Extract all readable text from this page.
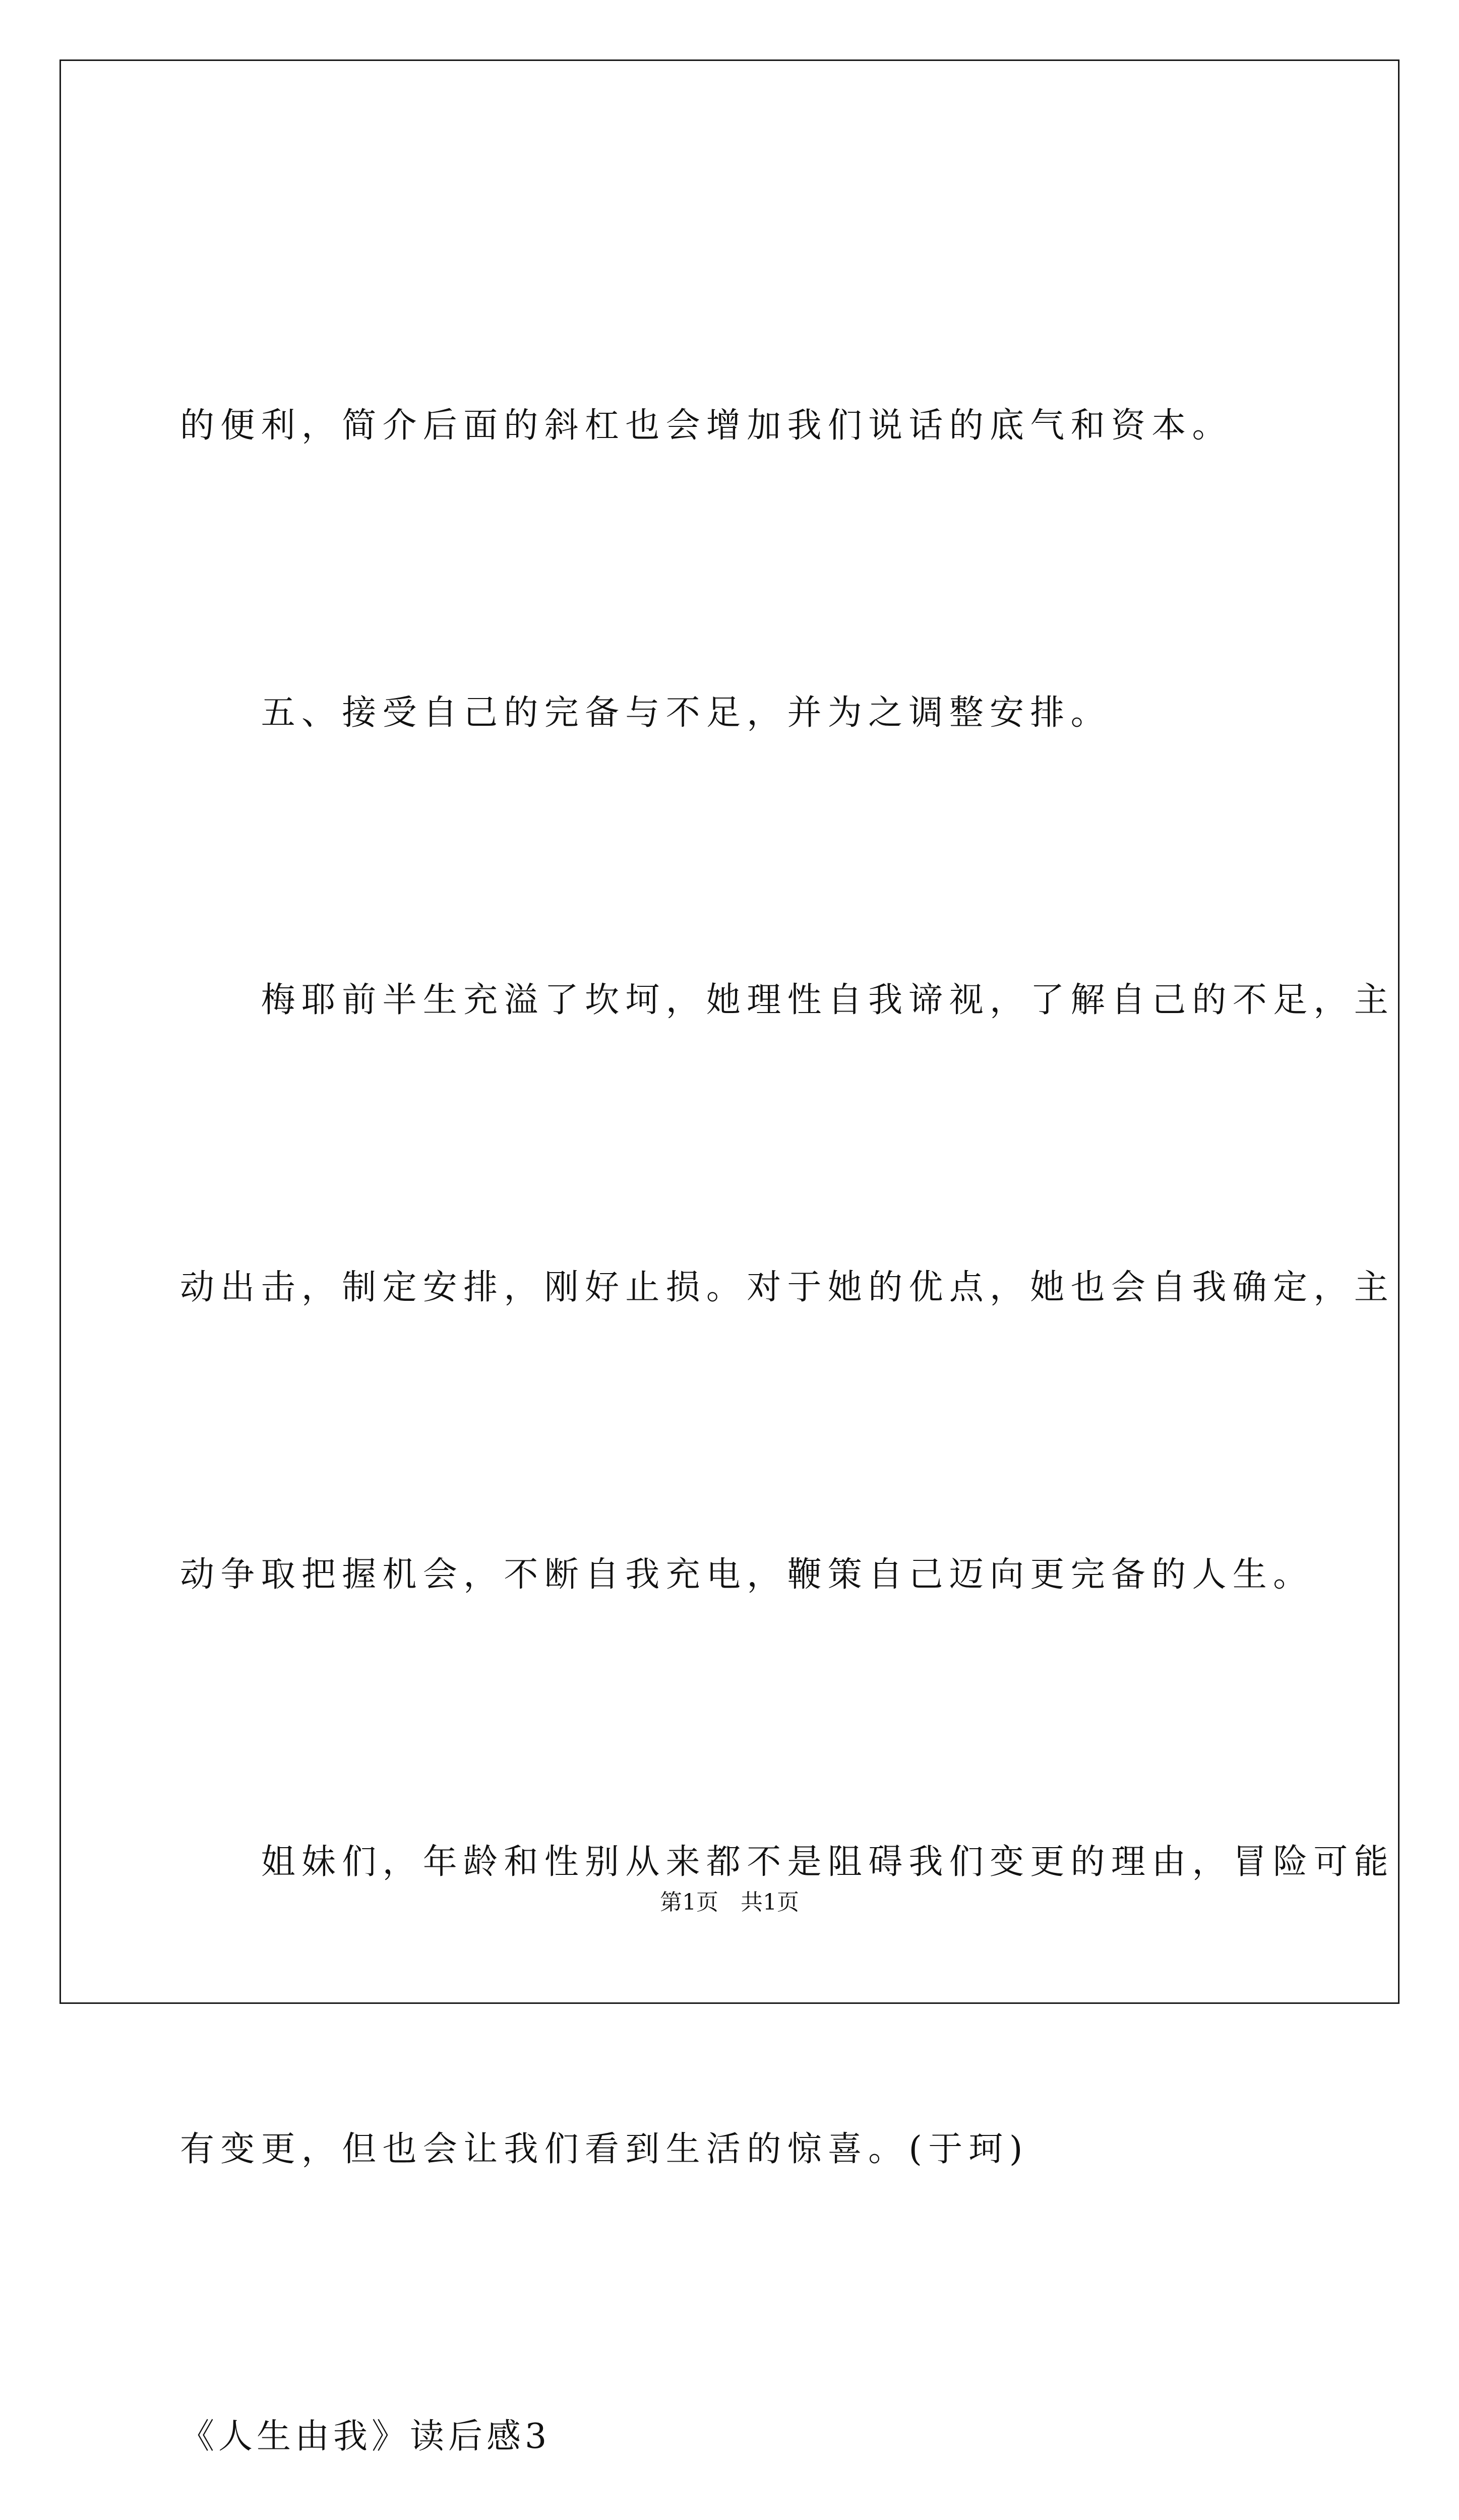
的便利，简介后面的斜杠也会增加我们说话的底气和资本。

　　五、接受自己的完备与不足，并为之调整安排。

　　梅耶前半生充溢了坎坷，她理性自我谛视，了解自己的不足，主

动出击，制定安排，刚好止损。对于她的优点，她也会自我确定，主

动争取把握机会，不断自我充电，鞭策自己迈向更完备的人生。

　　姐妹们，年龄和性别从来都不是阻碍我们变更的理由，冒险可能

有变更，但也会让我们看到生活的惊喜。(于珂)

《人生由我》读后感3

第1页　共1页
